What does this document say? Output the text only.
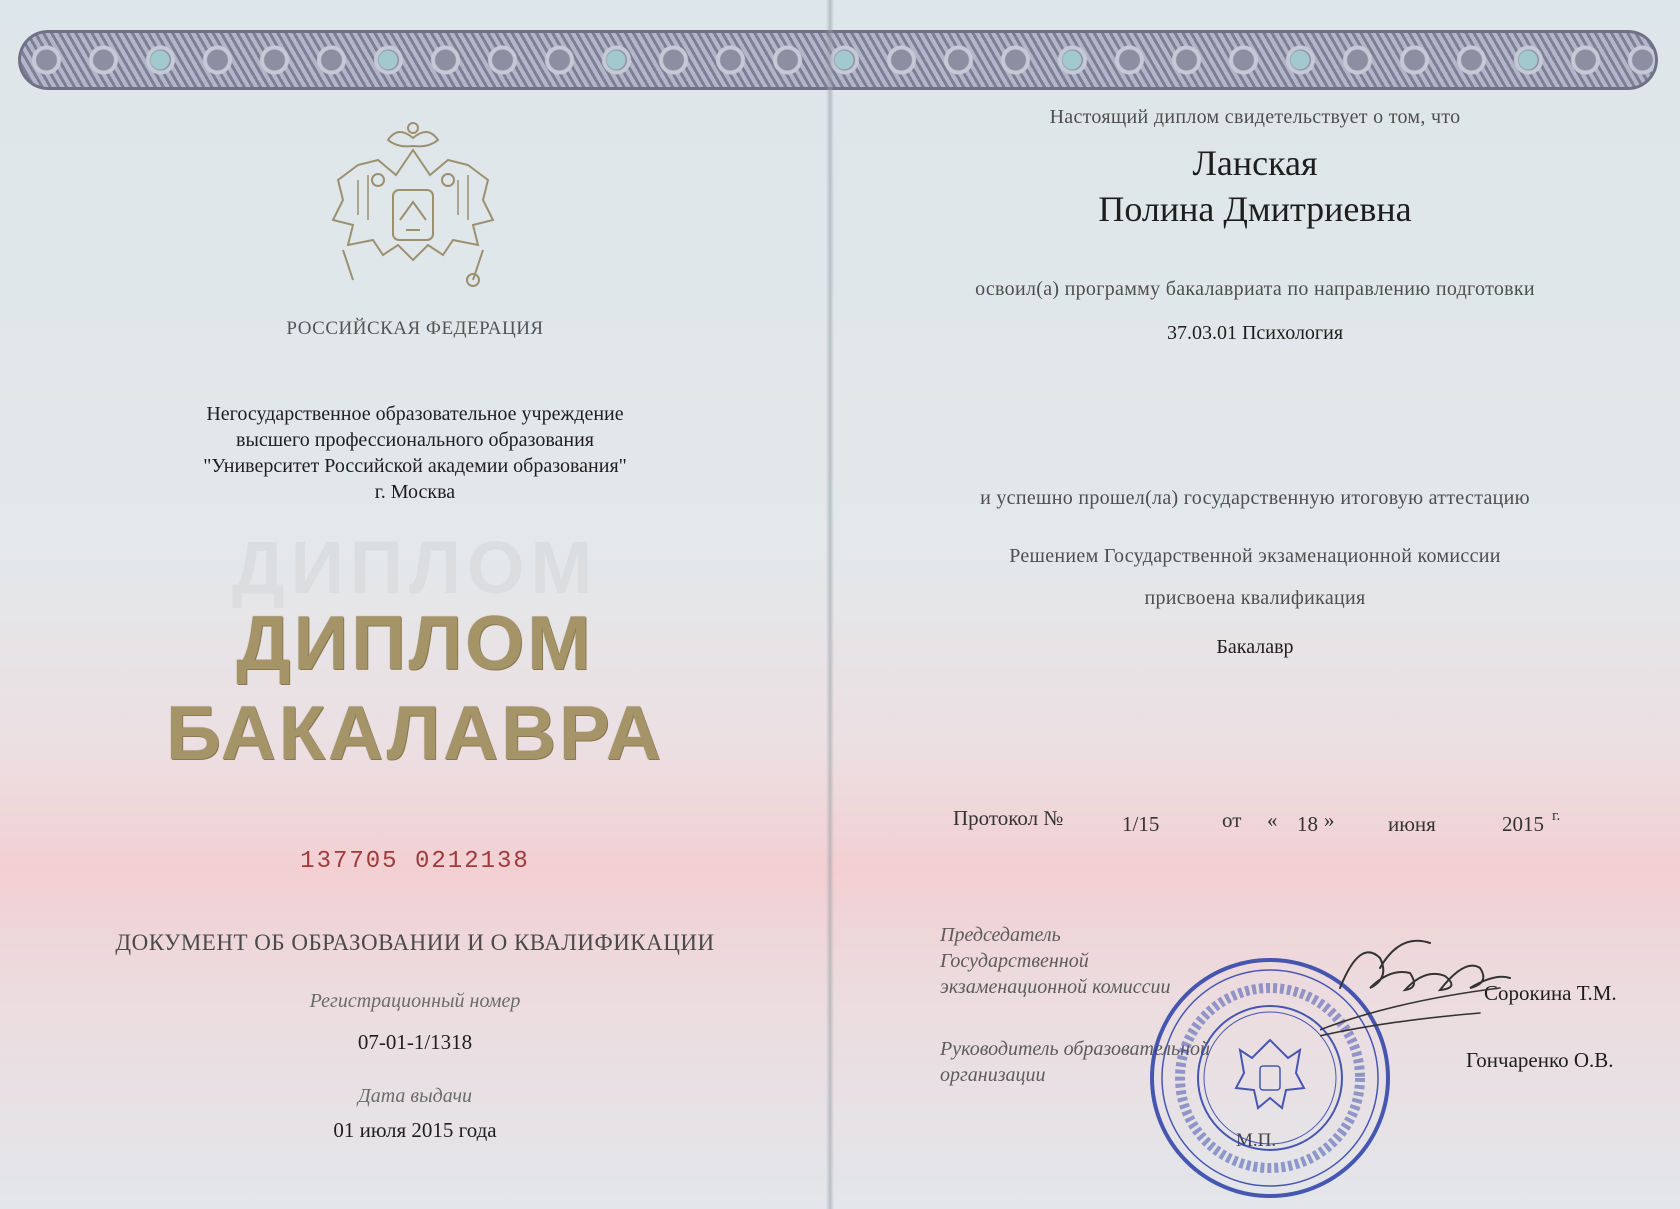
РОССИЙСКАЯ ФЕДЕРАЦИЯ
Негосударственное образовательное учреждение
высшего профессионального образования
"Университет Российской академии образования"
г. Москва
ДИПЛОМ
ДИПЛОМ
БАКАЛАВРА
137705 0212138
ДОКУМЕНТ ОБ ОБРАЗОВАНИИ И О КВАЛИФИКАЦИИ
Регистрационный номер
07-01-1/1318
Дата выдачи
01 июля 2015 года
Настоящий диплом свидетельствует о том, что
Ланская
Полина Дмитриевна
освоил(а) программу бакалавриата по направлению подготовки
37.03.01 Психология
и успешно прошел(ла) государственную итоговую аттестацию
Решением Государственной экзаменационной комиссии
присвоена квалификация
Бакалавр
Протокол №	1/15	от « 18 »	июня	2015 г.
Председатель
Государственной
экзаменационной комиссии	Сорокина Т.М.
Руководитель образовательной
организации
Гончаренко О.В.
М.П.
